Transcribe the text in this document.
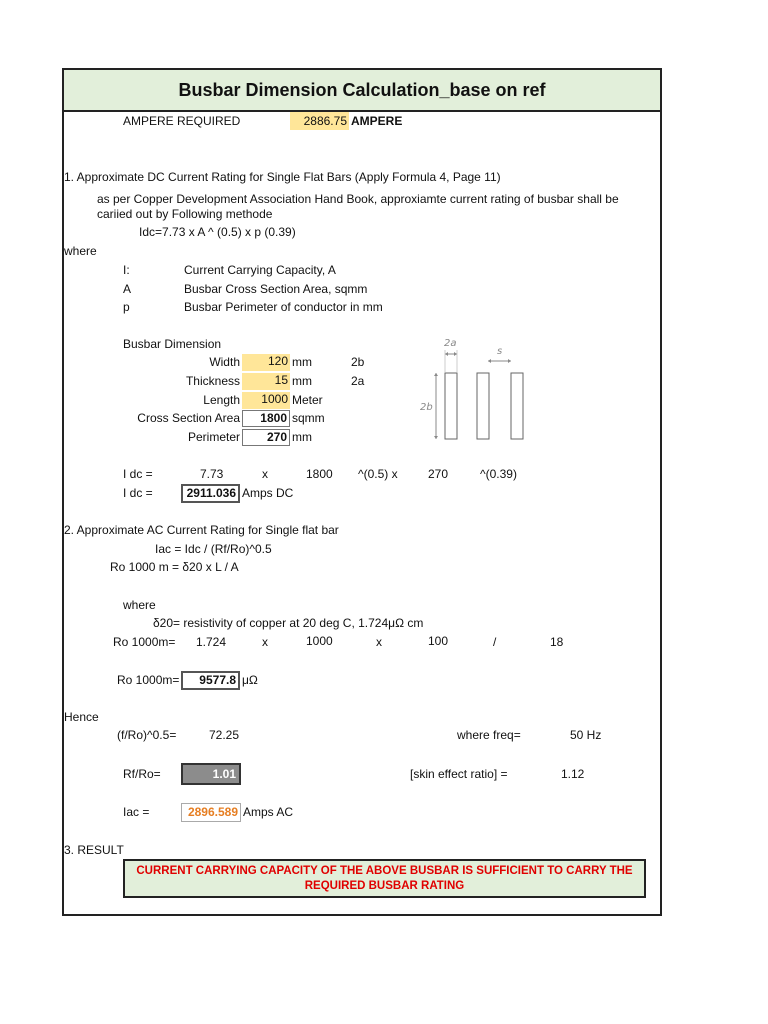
Busbar Dimension Calculation_base on ref
AMPERE REQUIRED	2886.75 AMPERE
1. Approximate DC Current Rating for Single Flat Bars (Apply Formula 4, Page 11)
as per Copper Development Association Hand Book, approxiamte current rating of busbar shall be
cariied out by Following methode
Idc=7.73 x A ^ (0.5) x p (0.39)
where
I:	Current Carrying Capacity, A
A	Busbar Cross Section Area, sqmm
p	Busbar Perimeter of conductor in mm
Busbar Dimension
Width	120 mm	2b
Thickness	15 mm	2a
Length	1000 Meter
Cross Section Area	1800 sqmm
Perimeter	270 mm
2a
s
2b
I dc =	7.73	x	1800 ^(0.5) x	270	^(0.39)
I dc =	2911.036 Amps DC
2. Approximate AC Current Rating for Single flat bar
Iac = Idc / (Rf/Ro)^0.5
Ro 1000 m = δ20 x L / A
where
δ20= resistivity of copper at 20 deg C, 1.724μΩ cm
Ro 1000m= 1.724	x	1000	x	100	/	18
Ro 1000m=	9577.8 μΩ
Hence
(f/Ro)^0.5=	72.25	where freq=	50 Hz
Rf/Ro=	1.01	[skin effect ratio] =	1.12
Iac =	2896.589 Amps AC
3. RESULT
CURRENT CARRYING CAPACITY OF THE ABOVE BUSBAR IS SUFFICIENT TO CARRY THE REQUIRED BUSBAR RATING
